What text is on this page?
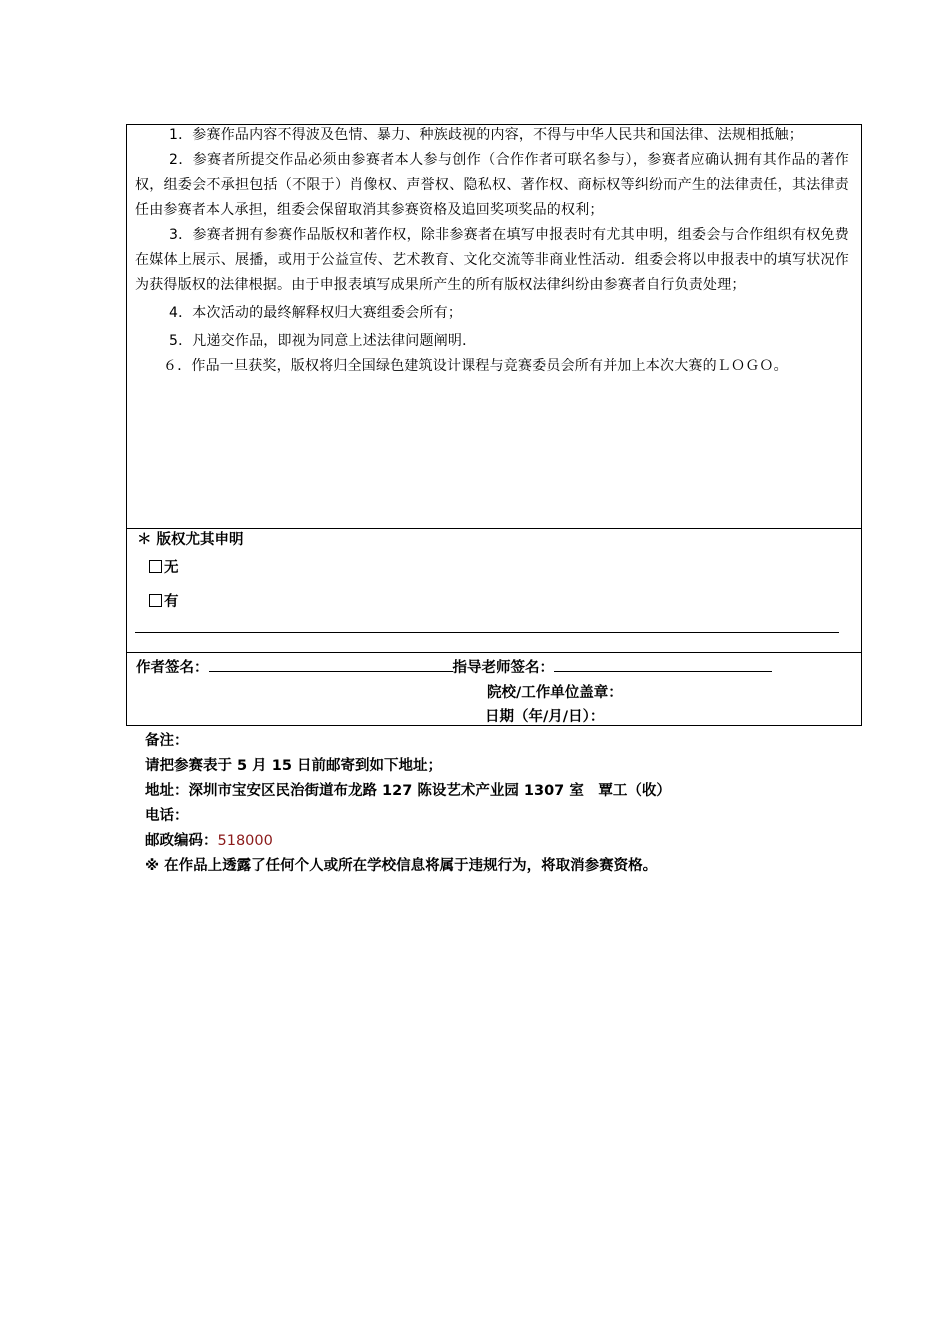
1．参赛作品内容不得波及色情、暴力、种族歧视的内容，不得与中华人民共和国法律、法规相抵触；

2．参赛者所提交作品必须由参赛者本人参与创作（合作作者可联名参与），参赛者应确认拥有其作品的著作权，组委会不承担包括（不限于）肖像权、声誉权、隐私权、著作权、商标权等纠纷而产生的法律责任，其法律责任由参赛者本人承担，组委会保留取消其参赛资格及追回奖项奖品的权利；

3．参赛者拥有参赛作品版权和著作权，除非参赛者在填写申报表时有尤其申明，组委会与合作组织有权免费在媒体上展示、展播，或用于公益宣传、艺术教育、文化交流等非商业性活动．组委会将以申报表中的填写状况作为获得版权的法律根据。由于申报表填写成果所产生的所有版权法律纠纷由参赛者自行负责处理；

4．本次活动的最终解释权归大赛组委会所有；

5．凡递交作品，即视为同意上述法律问题阐明．

６．作品一旦获奖，版权将归全国绿色建筑设计课程与竞赛委员会所有并加上本次大赛的ＬＯＧＯ。

＊ 版权尤其申明
无
有
作者签名：	指导老师签名：
院校/工作单位盖章：
日期（年/月/日）：
备注：
请把参赛表于 5 月 15 日前邮寄到如下地址；
地址：深圳市宝安区民治街道布龙路 127 陈设艺术产业园 1307 室　覃工（收）
电话：
邮政编码：518000
※ 在作品上透露了任何个人或所在学校信息将属于违规行为，将取消参赛资格。
